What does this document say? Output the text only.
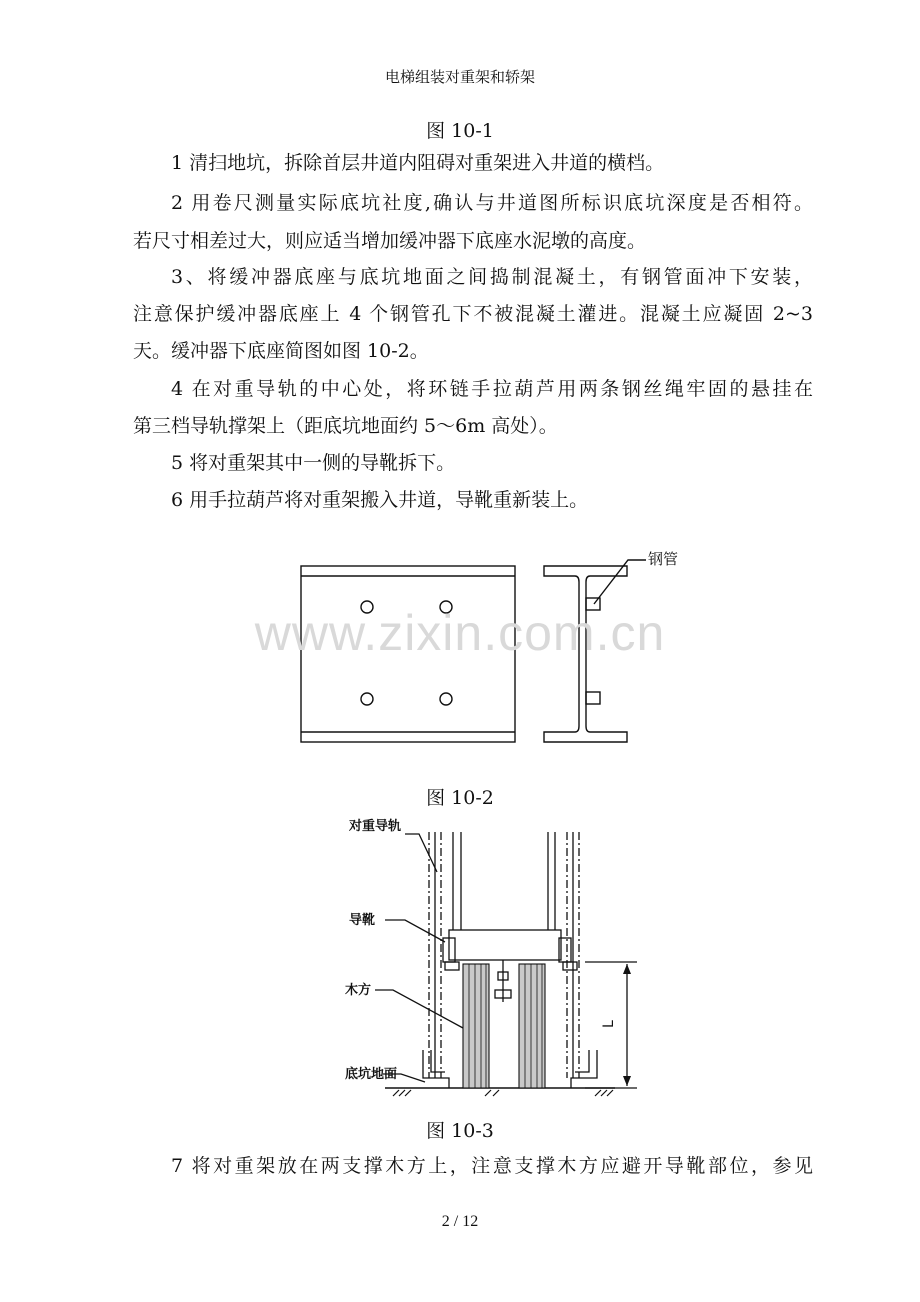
电梯组装对重架和轿架
图 10-1

1 清扫地坑，拆除首层井道内阻碍对重架进入井道的横档。

2 用卷尺测量实际底坑社度,确认与井道图所标识底坑深度是否相符。

若尺寸相差过大，则应适当增加缓冲器下底座水泥墩的高度。

3、将缓冲器底座与底坑地面之间捣制混凝土，有钢管面冲下安装，

注意保护缓冲器底座上 4 个钢管孔下不被混凝土灌进。混凝土应凝固 2~3

天。缓冲器下底座简图如图 10-2。

4 在对重导轨的中心处，将环链手拉葫芦用两条钢丝绳牢固的悬挂在

第三档导轨撑架上（距底坑地面约 5～6m 高处）。

5 将对重架其中一侧的导靴拆下。

6 用手拉葫芦将对重架搬入井道，导靴重新装上。

钢管
www.zixin.com.cn
图 10-2
对重导轨
导靴
木方
底坑地面
L
图 10-3

7 将对重架放在两支撑木方上，注意支撑木方应避开导靴部位，参见

2 / 12
